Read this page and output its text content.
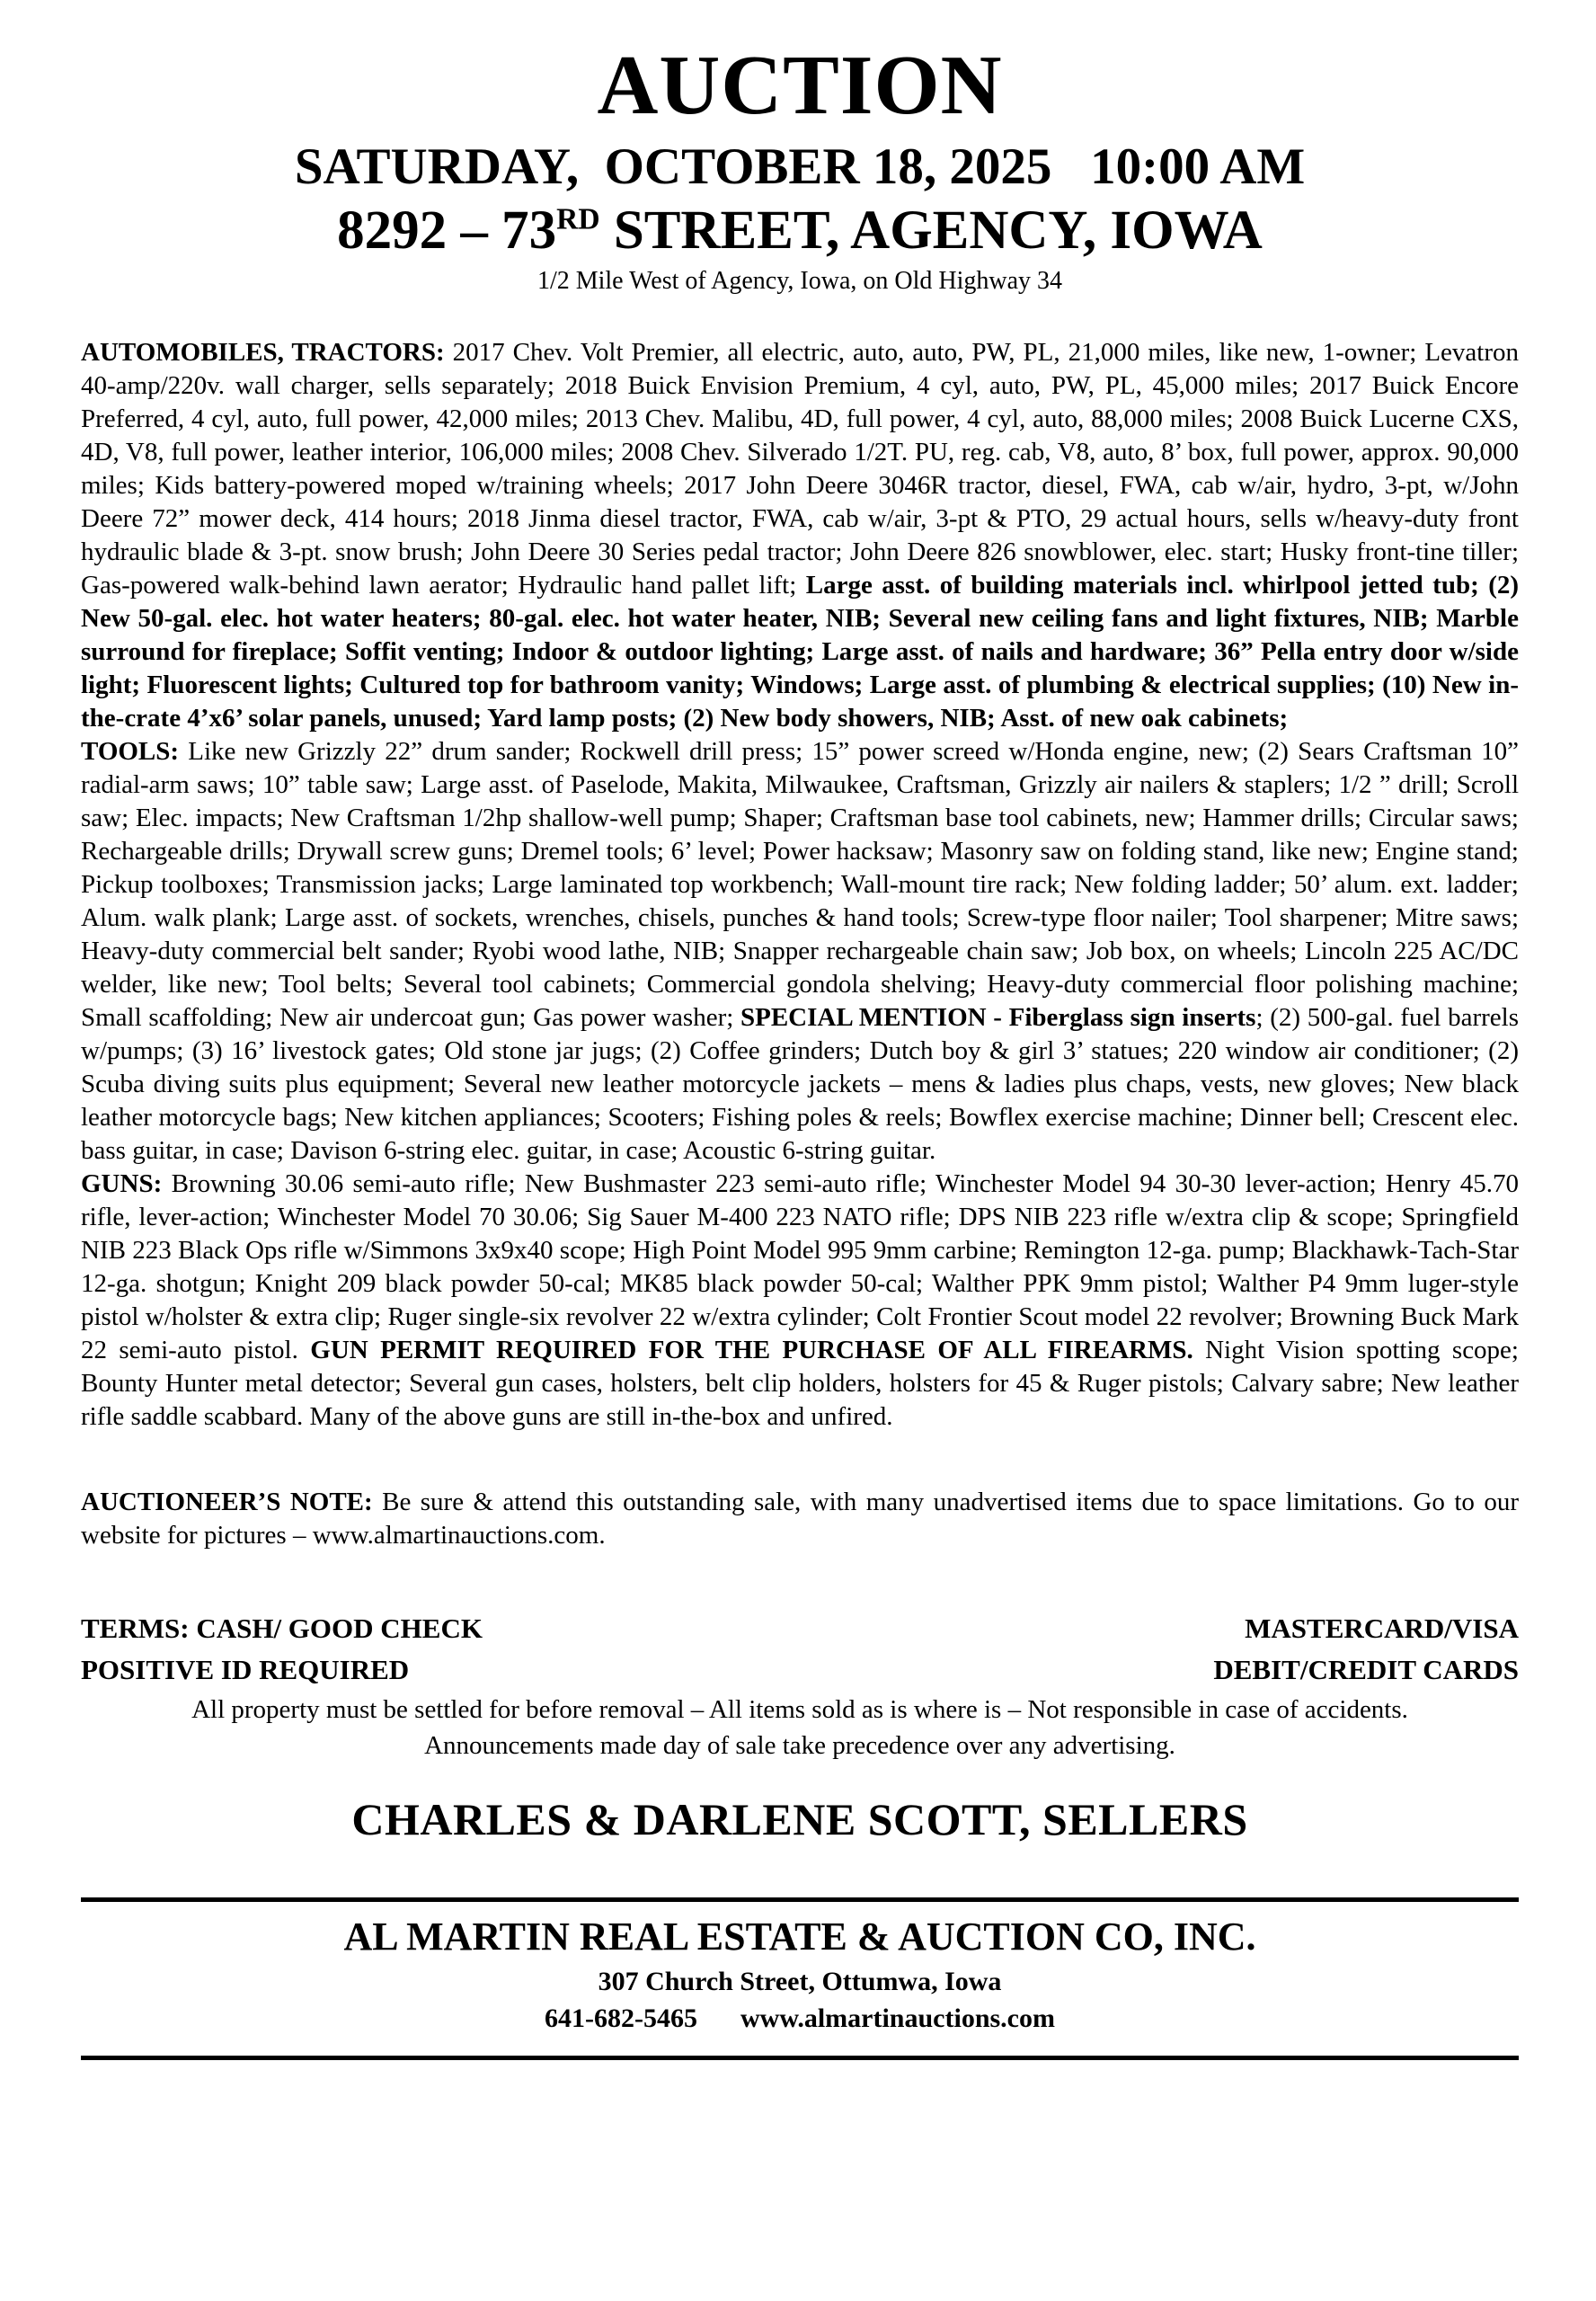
AUCTION
SATURDAY,  OCTOBER 18, 2025   10:00 AM
8292 – 73RD STREET, AGENCY, IOWA
1/2 Mile West of Agency, Iowa, on Old Highway 34

AUTOMOBILES, TRACTORS: 2017 Chev. Volt Premier, all electric, auto, auto, PW, PL, 21,000 miles, like new, 1-owner; Levatron 40-amp/220v. wall charger, sells separately; 2018 Buick Envision Premium, 4 cyl, auto, PW, PL, 45,000 miles; 2017 Buick Encore Preferred, 4 cyl, auto, full power, 42,000 miles; 2013 Chev. Malibu, 4D, full power, 4 cyl, auto, 88,000 miles; 2008 Buick Lucerne CXS, 4D, V8, full power, leather interior, 106,000 miles; 2008 Chev. Silverado 1/2T. PU, reg. cab, V8, auto, 8’ box, full power, approx. 90,000 miles; Kids battery-powered moped w/training wheels; 2017 John Deere 3046R tractor, diesel, FWA, cab w/air, hydro, 3-pt, w/John Deere 72” mower deck, 414 hours; 2018 Jinma diesel tractor, FWA, cab w/air, 3-pt & PTO, 29 actual hours, sells w/heavy-duty front hydraulic blade & 3-pt. snow brush; John Deere 30 Series pedal tractor; John Deere 826 snowblower, elec. start; Husky front-tine tiller; Gas-powered walk-behind lawn aerator; Hydraulic hand pallet lift; Large asst. of building materials incl. whirlpool jetted tub; (2) New 50-gal. elec. hot water heaters; 80-gal. elec. hot water heater, NIB; Several new ceiling fans and light fixtures, NIB; Marble surround for fireplace; Soffit venting; Indoor & outdoor lighting; Large asst. of nails and hardware; 36” Pella entry door w/side light; Fluorescent lights; Cultured top for bathroom vanity; Windows; Large asst. of plumbing & electrical supplies; (10) New in-the-crate 4’x6’ solar panels, unused; Yard lamp posts; (2) New body showers, NIB; Asst. of new oak cabinets;

TOOLS: Like new Grizzly 22” drum sander; Rockwell drill press; 15” power screed w/Honda engine, new; (2) Sears Craftsman 10” radial-arm saws; 10” table saw; Large asst. of Paselode, Makita, Milwaukee, Craftsman, Grizzly air nailers & staplers; 1/2 ” drill; Scroll saw; Elec. impacts; New Craftsman 1/2hp shallow-well pump; Shaper; Craftsman base tool cabinets, new; Hammer drills; Circular saws; Rechargeable drills; Drywall screw guns; Dremel tools; 6’ level; Power hacksaw; Masonry saw on folding stand, like new; Engine stand; Pickup toolboxes; Transmission jacks; Large laminated top workbench; Wall-mount tire rack; New folding ladder; 50’ alum. ext. ladder; Alum. walk plank; Large asst. of sockets, wrenches, chisels, punches & hand tools; Screw-type floor nailer; Tool sharpener; Mitre saws; Heavy-duty commercial belt sander; Ryobi wood lathe, NIB; Snapper rechargeable chain saw; Job box, on wheels; Lincoln 225 AC/DC welder, like new; Tool belts; Several tool cabinets; Commercial gondola shelving; Heavy-duty commercial floor polishing machine; Small scaffolding; New air undercoat gun; Gas power washer; SPECIAL MENTION - Fiberglass sign inserts; (2) 500-gal. fuel barrels w/pumps; (3) 16’ livestock gates; Old stone jar jugs; (2) Coffee grinders; Dutch boy & girl 3’ statues; 220 window air conditioner; (2) Scuba diving suits plus equipment; Several new leather motorcycle jackets – mens & ladies plus chaps, vests, new gloves; New black leather motorcycle bags; New kitchen appliances; Scooters; Fishing poles & reels; Bowflex exercise machine; Dinner bell; Crescent elec. bass guitar, in case; Davison 6-string elec. guitar, in case; Acoustic 6-string guitar.

GUNS: Browning 30.06 semi-auto rifle; New Bushmaster 223 semi-auto rifle; Winchester Model 94 30-30 lever-action; Henry 45.70 rifle, lever-action; Winchester Model 70 30.06; Sig Sauer M-400 223 NATO rifle; DPS NIB 223 rifle w/extra clip & scope; Springfield NIB 223 Black Ops rifle w/Simmons 3x9x40 scope; High Point Model 995 9mm carbine; Remington 12-ga. pump; Blackhawk-Tach-Star 12-ga. shotgun; Knight 209 black powder 50-cal; MK85 black powder 50-cal; Walther PPK 9mm pistol; Walther P4 9mm luger-style pistol w/holster & extra clip; Ruger single-six revolver 22 w/extra cylinder; Colt Frontier Scout model 22 revolver; Browning Buck Mark 22 semi-auto pistol. GUN PERMIT REQUIRED FOR THE PURCHASE OF ALL FIREARMS. Night Vision spotting scope; Bounty Hunter metal detector; Several gun cases, holsters, belt clip holders, holsters for 45 & Ruger pistols; Calvary sabre; New leather rifle saddle scabbard. Many of the above guns are still in-the-box and unfired.

AUCTIONEER’S NOTE: Be sure & attend this outstanding sale, with many unadvertised items due to space limitations. Go to our website for pictures – www.almartinauctions.com.

TERMS: CASH/ GOOD CHECK
POSITIVE ID REQUIRED
MASTERCARD/VISA
DEBIT/CREDIT CARDS
All property must be settled for before removal – All items sold as is where is – Not responsible in case of accidents.
Announcements made day of sale take precedence over any advertising.
CHARLES & DARLENE SCOTT, SELLERS
AL MARTIN REAL ESTATE & AUCTION CO, INC.
307 Church Street, Ottumwa, Iowa
641-682-5465 www.almartinauctions.com
